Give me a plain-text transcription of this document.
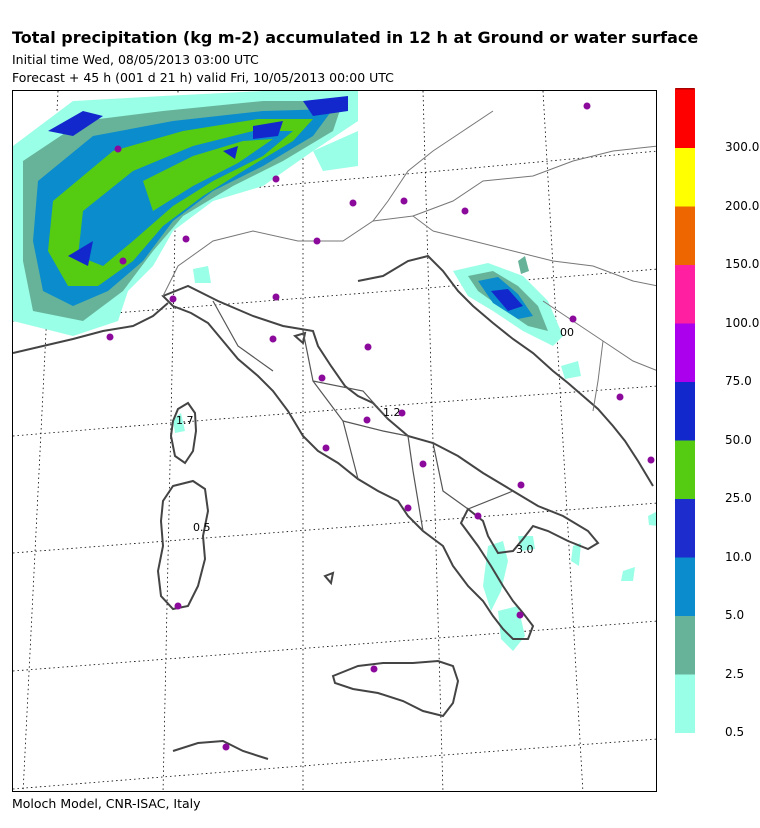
Total precipitation (kg m-2) accumulated in 12 h at Ground or water surface
Initial time Wed, 08/05/2013 03:00 UTC
Forecast + 45 h (001 d 21 h) valid Fri, 10/05/2013 00:00 UTC
1.7
0.5
1.2
3.0
00
0.5
2.5
5.0
10.0
25.0
50.0
75.0
100.0
150.0
200.0
300.0
Moloch Model, CNR-ISAC, Italy
